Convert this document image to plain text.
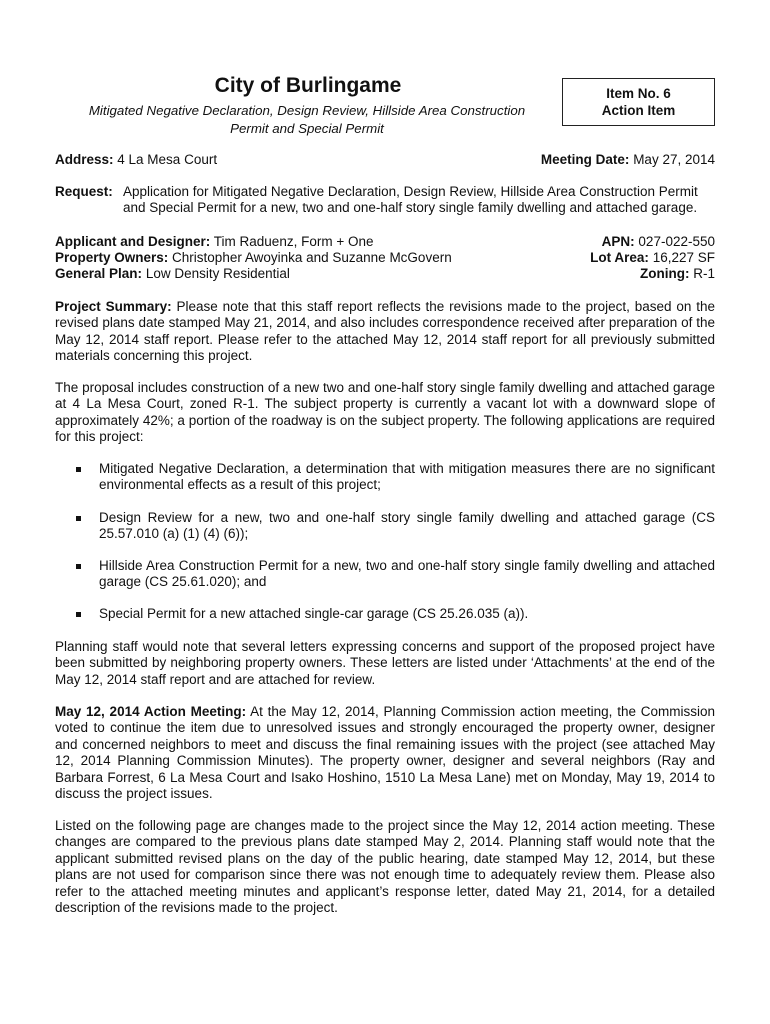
City of Burlingame
Mitigated Negative Declaration, Design Review, Hillside Area Construction
Permit and Special Permit
Item No. 6
Action Item
Address: 4 La Mesa Court	Meeting Date: May 27, 2014
Request: Application for Mitigated Negative Declaration, Design Review, Hillside Area Construction Permit and Special Permit for a new, two and one-half story single family dwelling and attached garage.
Applicant and Designer: Tim Raduenz, Form + One	APN: 027-022-550
Property Owners: Christopher Awoyinka and Suzanne McGovern	Lot Area: 16,227 SF
General Plan: Low Density Residential	Zoning: R-1

Project Summary: Please note that this staff report reflects the revisions made to the project, based on the revised plans date stamped May 21, 2014, and also includes correspondence received after preparation of the May 12, 2014 staff report. Please refer to the attached May 12, 2014 staff report for all previously submitted materials concerning this project.

The proposal includes construction of a new two and one-half story single family dwelling and attached garage at 4 La Mesa Court, zoned R-1. The subject property is currently a vacant lot with a downward slope of approximately 42%; a portion of the roadway is on the subject property. The following applications are required for this project:

Mitigated Negative Declaration, a determination that with mitigation measures there are no significant environmental effects as a result of this project;
Design Review for a new, two and one-half story single family dwelling and attached garage (CS 25.57.010 (a) (1) (4) (6));
Hillside Area Construction Permit for a new, two and one-half story single family dwelling and attached garage (CS 25.61.020); and
Special Permit for a new attached single-car garage (CS 25.26.035 (a)).

Planning staff would note that several letters expressing concerns and support of the proposed project have been submitted by neighboring property owners. These letters are listed under ‘Attachments’ at the end of the May 12, 2014 staff report and are attached for review.

May 12, 2014 Action Meeting: At the May 12, 2014, Planning Commission action meeting, the Commission voted to continue the item due to unresolved issues and strongly encouraged the property owner, designer and concerned neighbors to meet and discuss the final remaining issues with the project (see attached May 12, 2014 Planning Commission Minutes). The property owner, designer and several neighbors (Ray and Barbara Forrest, 6 La Mesa Court and Isako Hoshino, 1510 La Mesa Lane) met on Monday, May 19, 2014 to discuss the project issues.

Listed on the following page are changes made to the project since the May 12, 2014 action meeting. These changes are compared to the previous plans date stamped May 2, 2014. Planning staff would note that the applicant submitted revised plans on the day of the public hearing, date stamped May 12, 2014, but these plans are not used for comparison since there was not enough time to adequately review them. Please also refer to the attached meeting minutes and applicant’s response letter, dated May 21, 2014, for a detailed description of the revisions made to the project.
